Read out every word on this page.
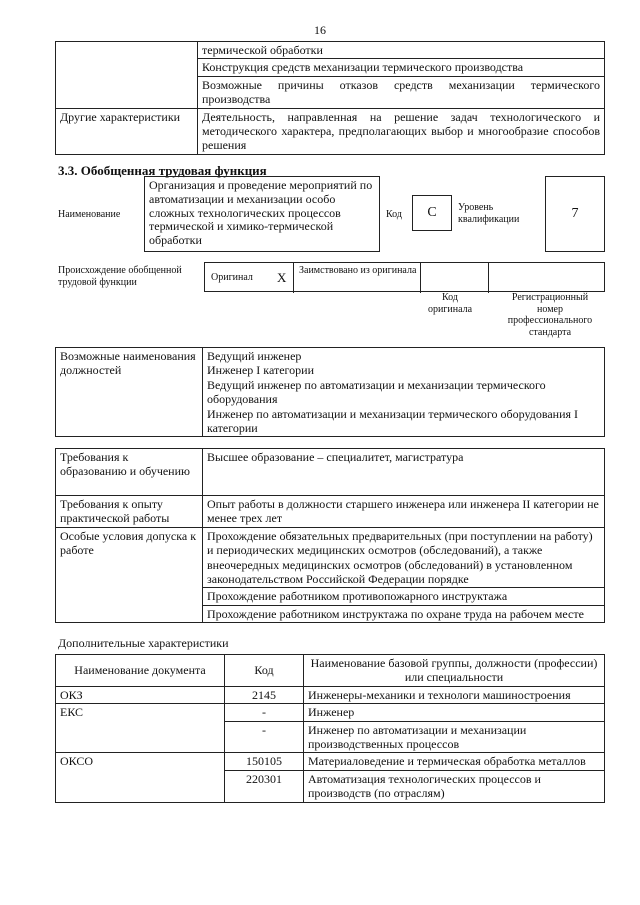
16
	термической обработки
	Конструкция средств механизации термического производства
	Возможные причины отказов средств механизации термического производства
Другие характеристики	Деятельность, направленная на решение задач технологического и методического характера, предполагающих выбор и многообразие способов решения
3.3. Обобщенная трудовая функция
Наименование
Организация и проведение мероприятий по автоматизации и механизации особо сложных технологических процессов термической и химико-термической обработки
Код	C	Уровень квалификации	7
Происхождение обобщенной трудовой функции	Оригинал X Заимствовано из оригинала
Код оригинала
Регистрационный номер профессионального стандарта
Возможные наименования должностей	
Ведущий инженер
Инженер I категории
Ведущий инженер по автоматизации и механизации термического оборудования
Инженер по автоматизации и механизации термического оборудования I категории
Требования к образованию и обучению	Высшее образование – специалитет, магистратура
Требования к опыту практической работы	Опыт работы в должности старшего инженера или инженера II категории не менее трех лет
Особые условия допуска к работе	Прохождение обязательных предварительных (при поступлении на работу) и периодических медицинских осмотров (обследований), а также внеочередных медицинских осмотров (обследований) в установленном законодательством Российской Федерации порядке
	Прохождение работником противопожарного инструктажа
	Прохождение работником инструктажа по охране труда на рабочем месте
Дополнительные характеристики
Наименование документа	Код	Наименование базовой группы, должности (профессии) или специальности
ОКЗ	2145	Инженеры-механики и технологи машиностроения
ЕКС	-	Инженер
	-	Инженер по автоматизации и механизации производственных процессов
ОКСО	150105	Материаловедение и термическая обработка металлов
	220301	Автоматизация технологических процессов и производств (по отраслям)
